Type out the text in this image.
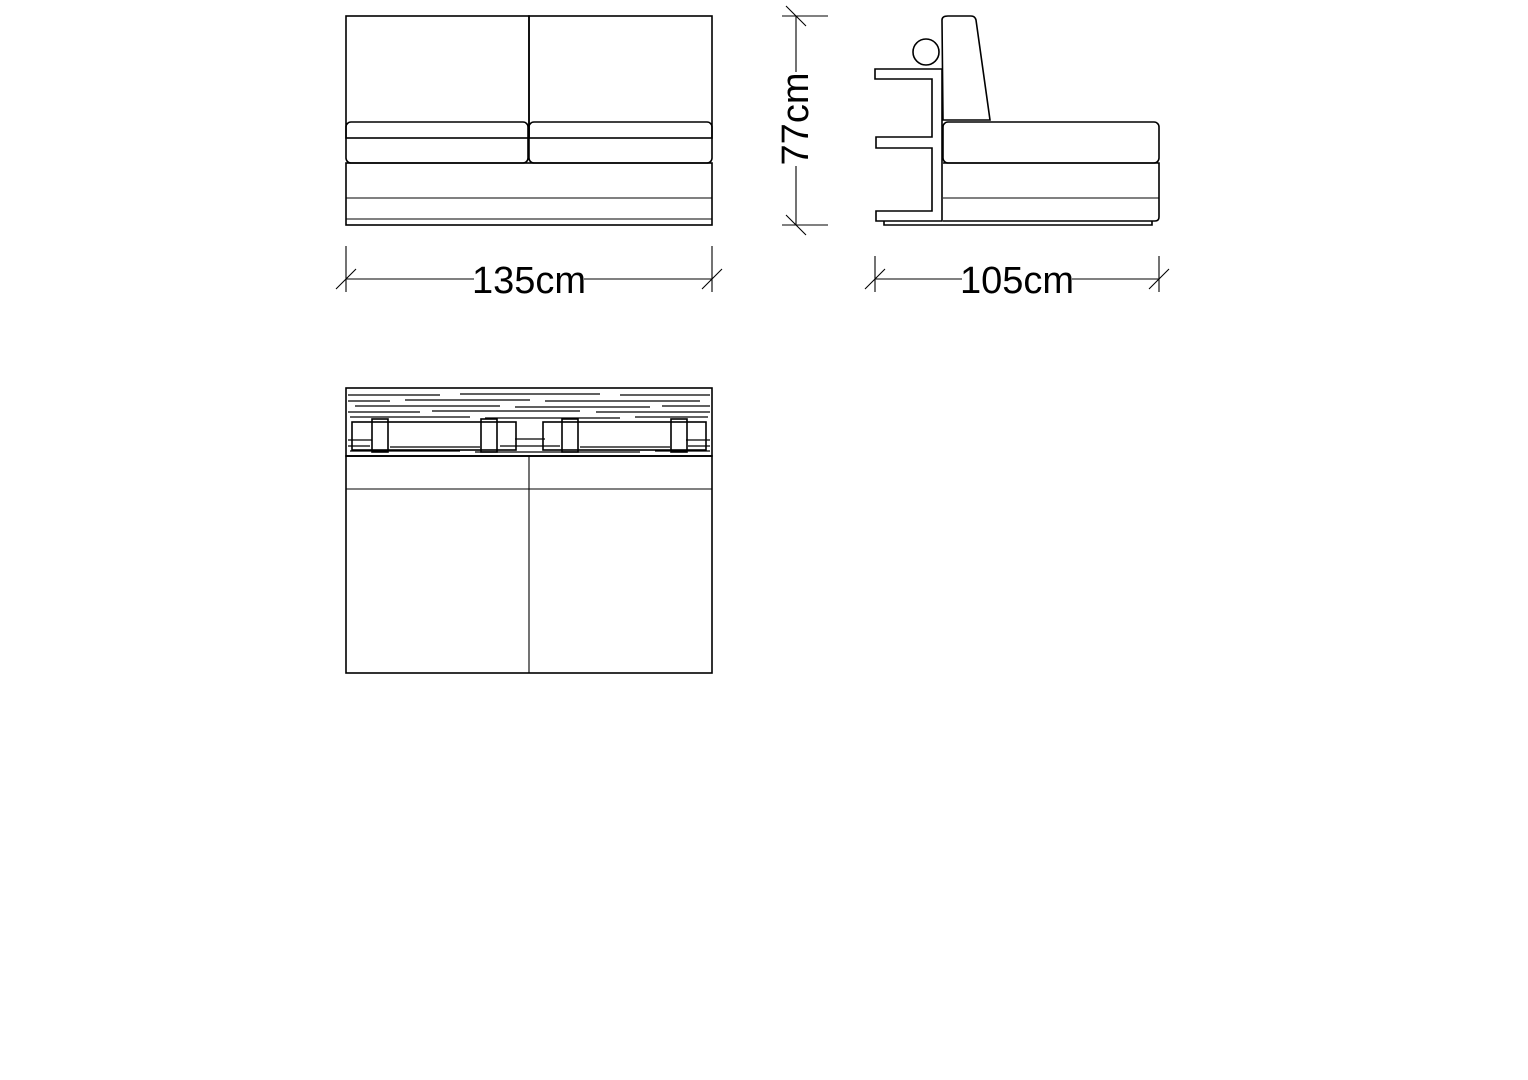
135cm
77cm
105cm
